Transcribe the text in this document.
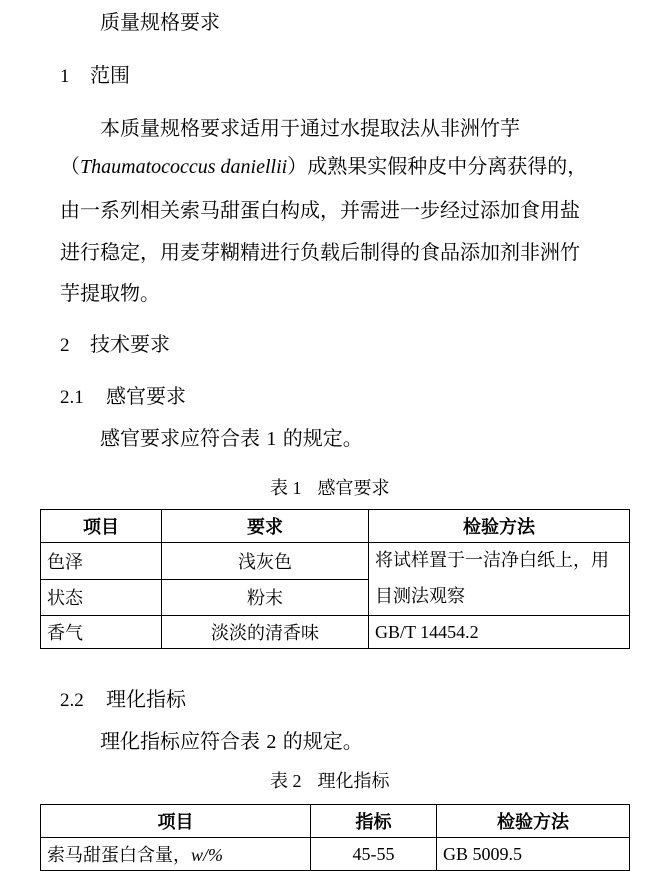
质量规格要求
1 范围
本质量规格要求适用于通过水提取法从非洲竹芋
（Thaumatococcus daniellii）成熟果实假种皮中分离获得的，
由一系列相关索马甜蛋白构成，并需进一步经过添加食用盐
进行稳定，用麦芽糊精进行负载后制得的食品添加剂非洲竹
芋提取物。
2 技术要求
2.1 感官要求
感官要求应符合表 1 的规定。
表 1 感官要求
项目	要求	检验方法
色泽	浅灰色	将试样置于一洁净白纸上，用
目测法观察

状态	粉末	
香气	淡淡的清香味	GB/T 14454.2
2.2 理化指标
理化指标应符合表 2 的规定。
表 2 理化指标
项目	指标	检验方法
索马甜蛋白含量，w/%	45-55	GB 5009.5
